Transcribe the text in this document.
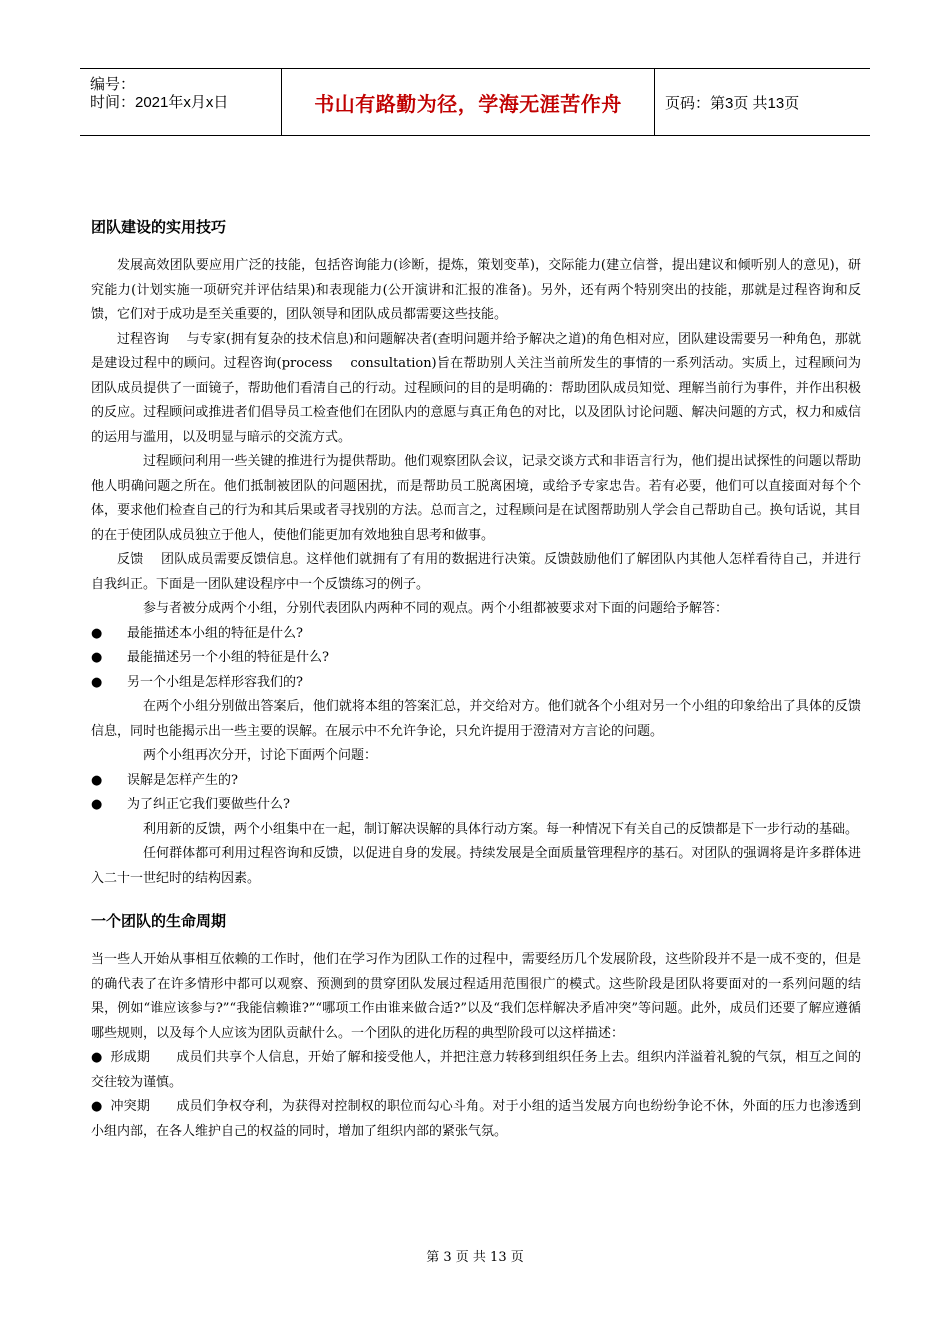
编号：
时间：2021年x月x日	书山有路勤为径，学海无涯苦作舟	页码：第3页 共13页
团队建设的实用技巧

发展高效团队要应用广泛的技能，包括咨询能力(诊断，提炼，策划变革)，交际能力(建立信誉，提出建议和倾听别人的意见)，研究能力(计划实施一项研究并评估结果)和表现能力(公开演讲和汇报的准备)。另外，还有两个特别突出的技能，那就是过程咨询和反馈，它们对于成功是至关重要的，团队领导和团队成员都需要这些技能。

过程咨询　 与专家(拥有复杂的技术信息)和问题解决者(查明问题并给予解决之道)的角色相对应，团队建设需要另一种角色，那就是建设过程中的顾问。过程咨询(process　 consultation)旨在帮助别人关注当前所发生的事情的一系列活动。实质上，过程顾问为团队成员提供了一面镜子，帮助他们看清自己的行动。过程顾问的目的是明确的：帮助团队成员知觉、理解当前行为事件，并作出积极的反应。过程顾问或推进者们倡导员工检查他们在团队内的意愿与真正角色的对比，以及团队讨论问题、解决问题的方式，权力和威信的运用与滥用，以及明显与暗示的交流方式。

过程顾问利用一些关键的推进行为提供帮助。他们观察团队会议，记录交谈方式和非语言行为，他们提出试探性的问题以帮助他人明确问题之所在。他们抵制被团队的问题困扰，而是帮助员工脱离困境，或给予专家忠告。若有必要，他们可以直接面对每个个体，要求他们检查自己的行为和其后果或者寻找别的方法。总而言之，过程顾问是在试图帮助别人学会自己帮助自己。换句话说，其目的在于使团队成员独立于他人，使他们能更加有效地独自思考和做事。

反馈　 团队成员需要反馈信息。这样他们就拥有了有用的数据进行决策。反馈鼓励他们了解团队内其他人怎样看待自己，并进行自我纠正。下面是一团队建设程序中一个反馈练习的例子。

参与者被分成两个小组，分别代表团队内两种不同的观点。两个小组都被要求对下面的问题给予解答：

● 最能描述本小组的特征是什么?

● 最能描述另一个小组的特征是什么?

● 另一个小组是怎样形容我们的?

在两个小组分别做出答案后，他们就将本组的答案汇总，并交给对方。他们就各个小组对另一个小组的印象给出了具体的反馈信息，同时也能揭示出一些主要的误解。在展示中不允许争论，只允许提用于澄清对方言论的问题。

两个小组再次分开，讨论下面两个问题：

● 误解是怎样产生的?

● 为了纠正它我们要做些什么?

利用新的反馈，两个小组集中在一起，制订解决误解的具体行动方案。每一种情况下有关自己的反馈都是下一步行动的基础。

任何群体都可利用过程咨询和反馈，以促进自身的发展。持续发展是全面质量管理程序的基石。对团队的强调将是许多群体进入二十一世纪时的结构因素。

一个团队的生命周期

当一些人开始从事相互依赖的工作时，他们在学习作为团队工作的过程中，需要经历几个发展阶段，这些阶段并不是一成不变的，但是的确代表了在许多情形中都可以观察、预测到的贯穿团队发展过程适用范围很广的模式。这些阶段是团队将要面对的一系列问题的结果，例如“谁应该参与?”“我能信赖谁?”“哪项工作由谁来做合适?”以及“我们怎样解决矛盾冲突”等问题。此外，成员们还要了解应遵循哪些规则，以及每个人应该为团队贡献什么。一个团队的进化历程的典型阶段可以这样描述：

● 形成期　　 成员们共享个人信息，开始了解和接受他人，并把注意力转移到组织任务上去。组织内洋溢着礼貌的气氛，相互之间的交往较为谨慎。

● 冲突期　　 成员们争权夺利，为获得对控制权的职位而勾心斗角。对于小组的适当发展方向也纷纷争论不休，外面的压力也渗透到小组内部，在各人维护自己的权益的同时，增加了组织内部的紧张气氛。

第 3 页 共 13 页
